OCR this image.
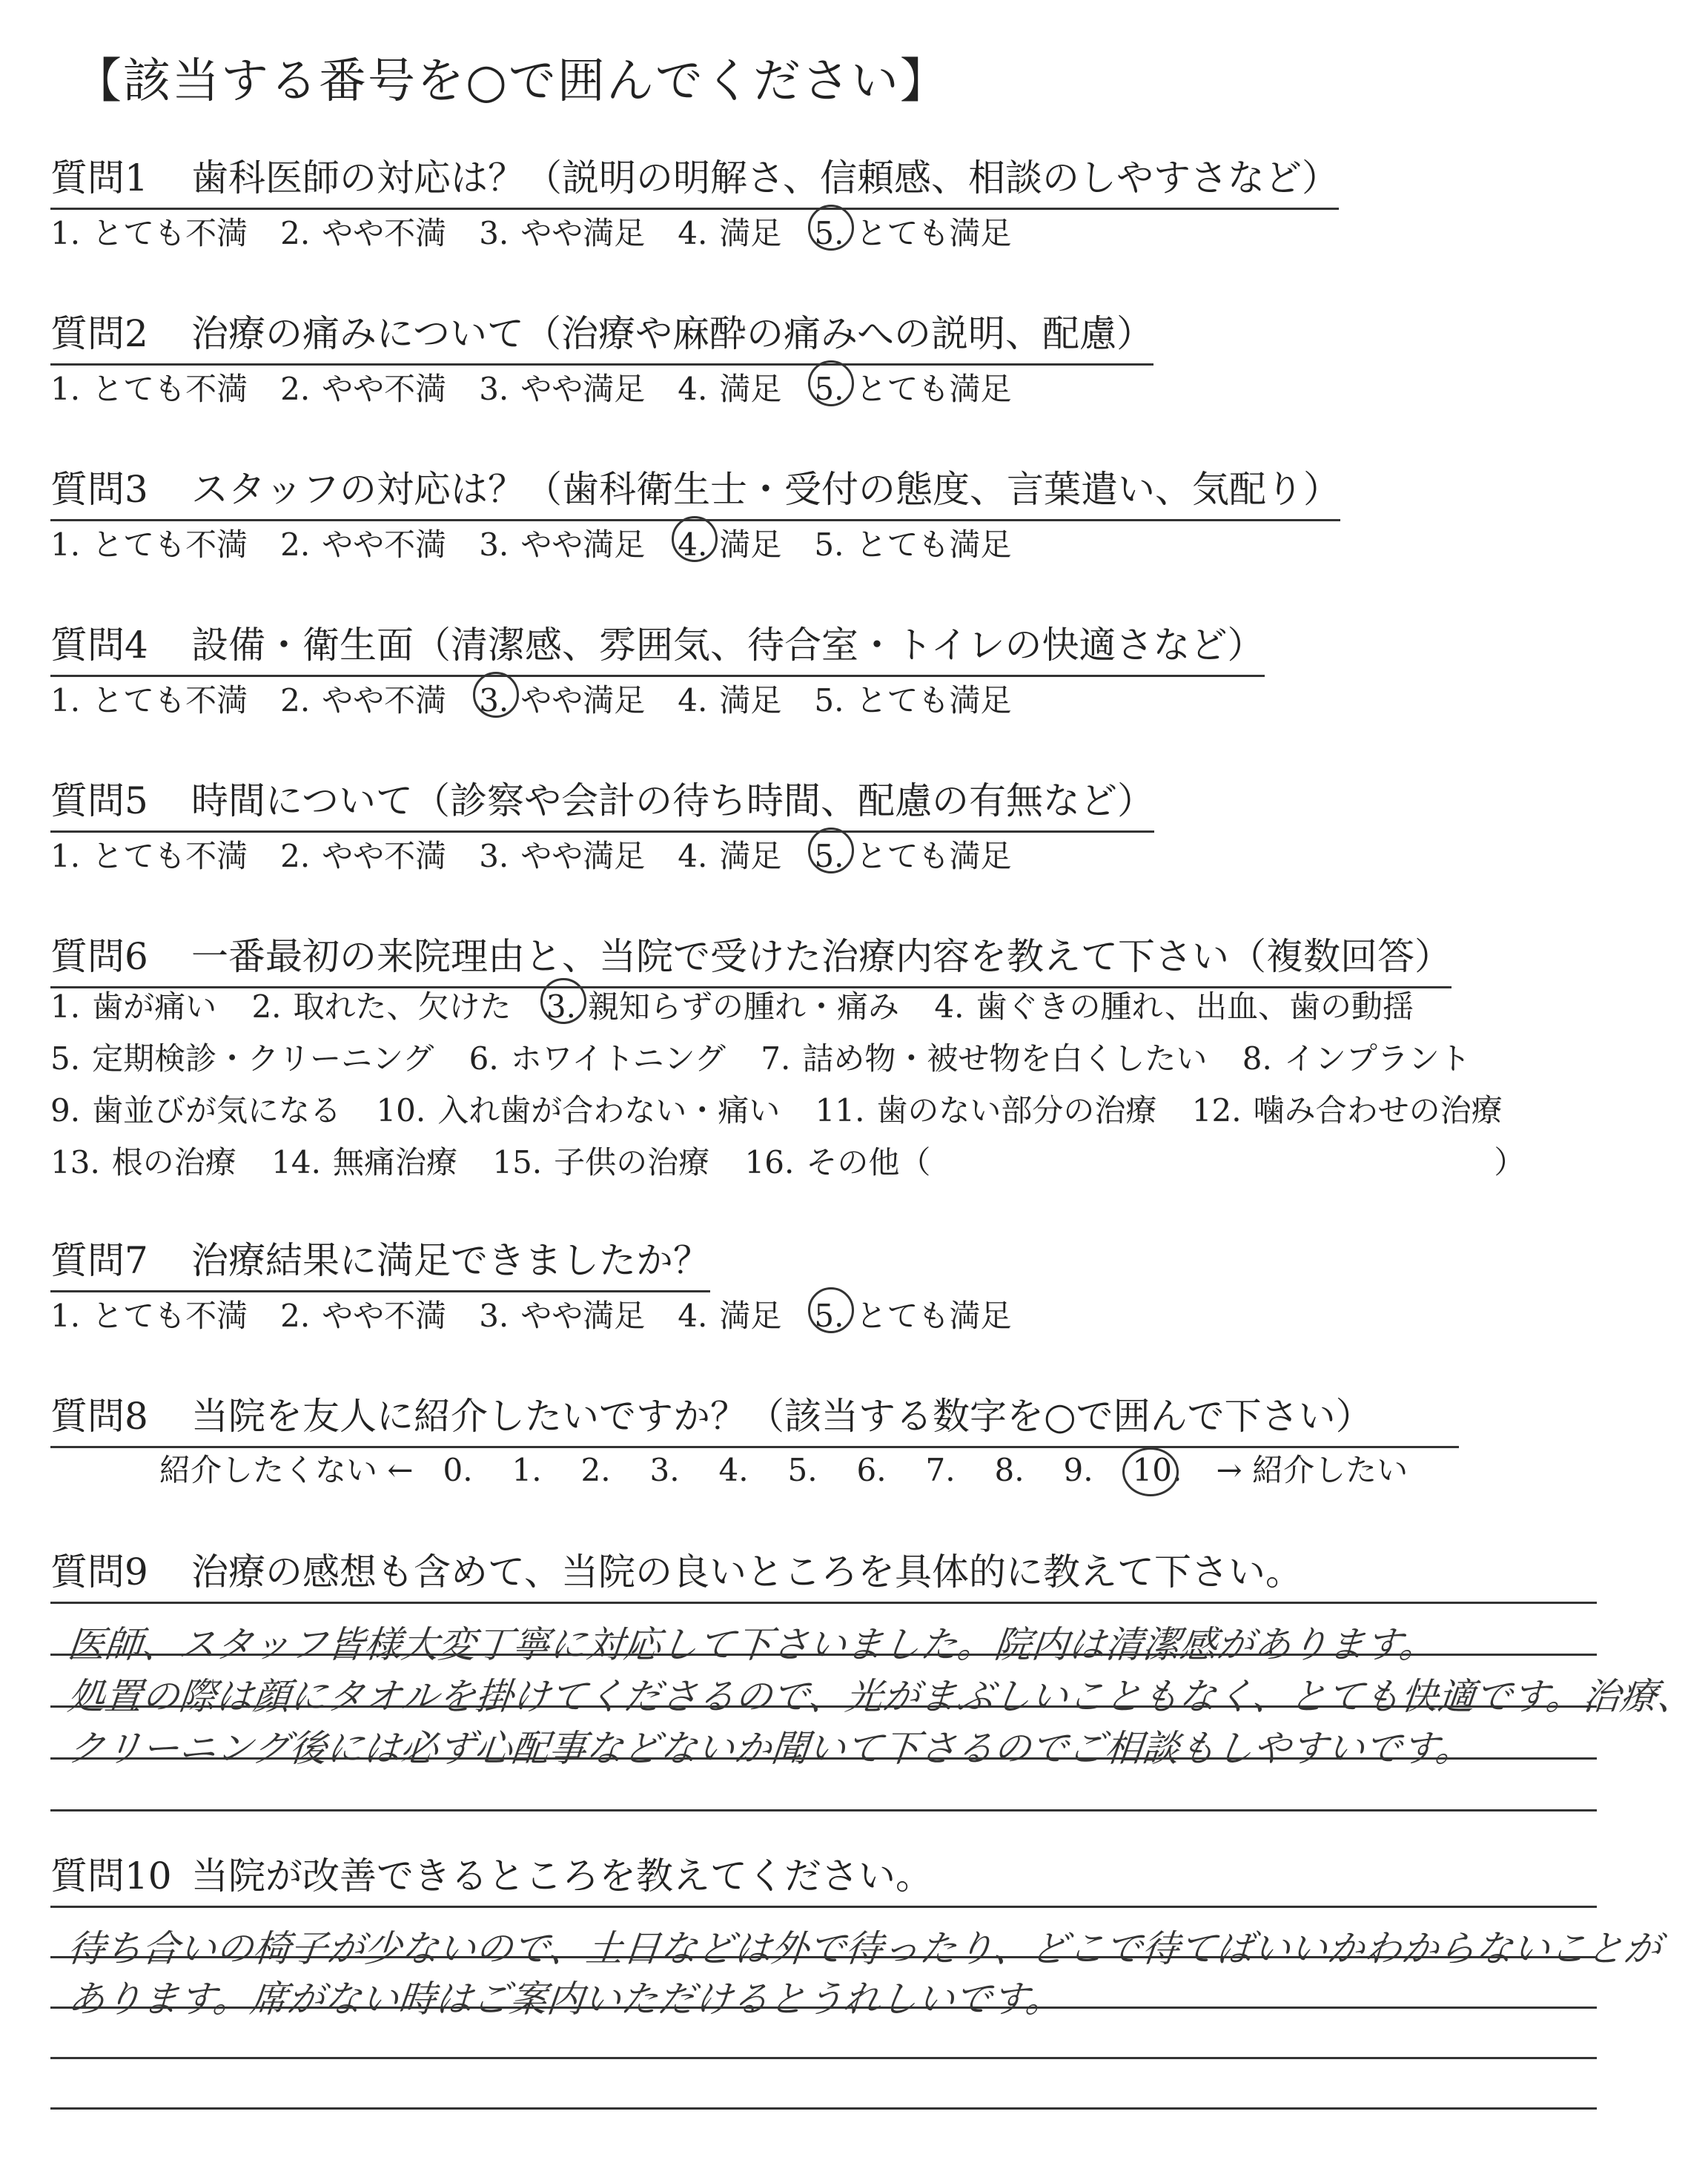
【該当する番号を○で囲んでください】
質問1 歯科医師の対応は？（説明の明解さ、信頼感、相談のしやすさなど）
1. とても不満 2. やや不満 3. やや満足 4. 満足 5. とても満足
質問2 治療の痛みについて（治療や麻酔の痛みへの説明、配慮）
1. とても不満 2. やや不満 3. やや満足 4. 満足 5. とても満足
質問3 スタッフの対応は？（歯科衛生士・受付の態度、言葉遣い、気配り）
1. とても不満 2. やや不満 3. やや満足 4. 満足 5. とても満足
質問4 設備・衛生面（清潔感、雰囲気、待合室・トイレの快適さなど）
1. とても不満 2. やや不満 3. やや満足 4. 満足 5. とても満足
質問5 時間について（診察や会計の待ち時間、配慮の有無など）
1. とても不満 2. やや不満 3. やや満足 4. 満足 5. とても満足
質問6 一番最初の来院理由と、当院で受けた治療内容を教えて下さい（複数回答）
1. 歯が痛い 2. 取れた、欠けた 3. 親知らずの腫れ・痛み 4. 歯ぐきの腫れ、出血、歯の動揺
5. 定期検診・クリーニング 6. ホワイトニング 7. 詰め物・被せ物を白くしたい 8. インプラント
9. 歯並びが気になる 10. 入れ歯が合わない・痛い 11. 歯のない部分の治療 12. 噛み合わせの治療
13. 根の治療 14. 無痛治療 15. 子供の治療 16. その他（	）
質問7 治療結果に満足できましたか？
1. とても不満 2. やや不満 3. やや満足 4. 満足 5. とても満足
質問8 当院を友人に紹介したいですか？（該当する数字を○で囲んで下さい）
紹介したくない ← 0. 1. 2. 3. 4. 5. 6. 7. 8. 9. 10. → 紹介したい
質問9 治療の感想も含めて、当院の良いところを具体的に教えて下さい。
医師、スタッフ皆様大変丁寧に対応して下さいました。院内は清潔感があります。
処置の際は顔にタオルを掛けてくださるので、光がまぶしいこともなく、とても快適です。治療、
クリーニング後には必ず心配事などないか聞いて下さるのでご相談もしやすいです。
質問10 当院が改善できるところを教えてください。
待ち合いの椅子が少ないので、土日などは外で待ったり、どこで待てばいいかわからないことが
あります。席がない時はご案内いただけるとうれしいです。
